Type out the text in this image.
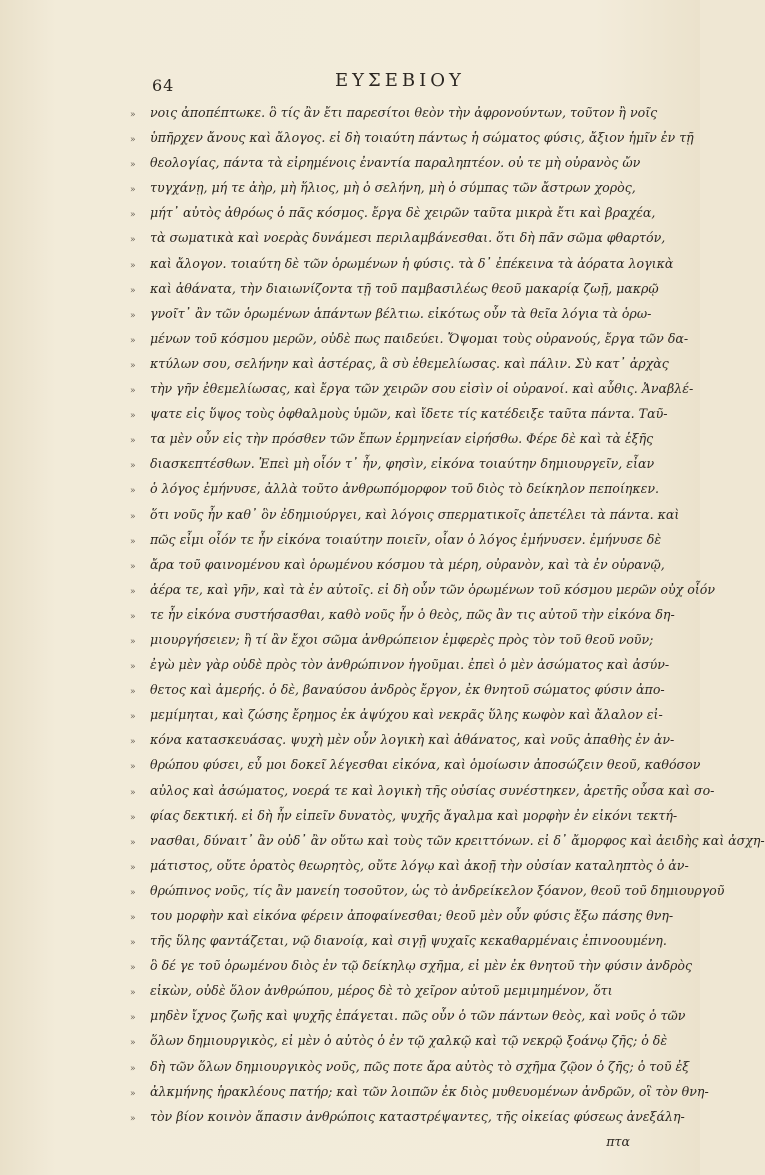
64	ΕΥΣΕΒΙΟΥ
» νοις ἀποπέπτωκε. ὃ τίς ἂν ἔτι παρεσίτοι θεὸν τὴν ἀφρονούντων, τοῦτον ἢ νοῖς
» ὑπῆρχεν ἄνους καὶ ἄλογος. εἰ δὴ τοιαύτη πάντως ἡ σώματος φύσις, ἄξιον ἡμῖν ἐν τῇ
» θεολογίας, πάντα τὰ εἰρημένοις ἐναντία παραληπτέον. οὐ τε μὴ οὐρανὸς ὤν
» τυγχάνῃ, μή τε ἀὴρ, μὴ ἥλιος, μὴ ὁ σελήνη, μὴ ὁ σύμπας τῶν ἄστρων χορὸς,
» μήτ᾽ αὐτὸς ἀθρόως ὁ πᾶς κόσμος. ἔργα δὲ χειρῶν ταῦτα μικρὰ ἔτι καὶ βραχέα,
» τὰ σωματικὰ καὶ νοερὰς δυνάμεσι περιλαμβάνεσθαι. ὅτι δὴ πᾶν σῶμα φθαρτόν,
» καὶ ἄλογον. τοιαύτη δὲ τῶν ὁρωμένων ἡ φύσις. τὰ δ᾽ ἐπέκεινα τὰ ἀόρατα λογικὰ
» καὶ ἀθάνατα, τὴν διαιωνίζοντα τῇ τοῦ παμβασιλέως θεοῦ μακαρίᾳ ζωῇ, μακρῷ
» γνοῖτ᾽ ἂν τῶν ὁρωμένων ἁπάντων βέλτιω. εἰκότως οὖν τὰ θεῖα λόγια τὰ ὁρω-
» μένων τοῦ κόσμου μερῶν, οὐδὲ πως παιδεύει. Ὄψομαι τοὺς οὐρανούς, ἔργα τῶν δα-
» κτύλων σου, σελήνην καὶ ἀστέρας, ἃ σὺ ἐθεμελίωσας. καὶ πάλιν. Σὺ κατ᾽ ἀρχὰς
» τὴν γῆν ἐθεμελίωσας, καὶ ἔργα τῶν χειρῶν σου εἰσὶν οἱ οὐρανοί. καὶ αὖθις. Ἀναβλέ-
» ψατε εἰς ὕψος τοὺς ὀφθαλμοὺς ὑμῶν, καὶ ἴδετε τίς κατέδειξε ταῦτα πάντα. Ταῦ-
» τα μὲν οὖν εἰς τὴν πρόσθεν τῶν ἔπων ἑρμηνείαν εἰρήσθω. Φέρε δὲ καὶ τὰ ἑξῆς
» διασκεπτέσθων. Ἐπεὶ μὴ οἷόν τ᾽ ἦν, φησὶν, εἰκόνα τοιαύτην δημιουργεῖν, εἶαν
» ὁ λόγος ἐμήνυσε, ἀλλὰ τοῦτο ἀνθρωπόμορφον τοῦ διὸς τὸ δείκηλον πεποίηκεν.
» ὅτι νοῦς ἦν καθ᾽ ὃν ἐδημιούργει, καὶ λόγοις σπερματικοῖς ἀπετέλει τὰ πάντα. καὶ
» πῶς εἶμι οἷόν τε ἦν εἰκόνα τοιαύτην ποιεῖν, οἷαν ὁ λόγος ἐμήνυσεν. ἐμήνυσε δὲ
» ἄρα τοῦ φαινομένου καὶ ὁρωμένου κόσμου τὰ μέρη, οὐρανὸν, καὶ τὰ ἐν οὐρανῷ,
» ἀέρα τε, καὶ γῆν, καὶ τὰ ἐν αὐτοῖς. εἰ δὴ οὖν τῶν ὁρωμένων τοῦ κόσμου μερῶν οὐχ οἷόν
» τε ἦν εἰκόνα συστήσασθαι, καθὸ νοῦς ἦν ὁ θεὸς, πῶς ἂν τις αὐτοῦ τὴν εἰκόνα δη-
» μιουργήσειεν; ἢ τί ἂν ἔχοι σῶμα ἀνθρώπειον ἐμφερὲς πρὸς τὸν τοῦ θεοῦ νοῦν;
» ἐγὼ μὲν γὰρ οὐδὲ πρὸς τὸν ἀνθρώπινον ἡγοῦμαι. ἐπεὶ ὁ μὲν ἀσώματος καὶ ἀσύν-
» θετος καὶ ἀμερής. ὁ δὲ, βαναύσου ἀνδρὸς ἔργον, ἐκ θνητοῦ σώματος φύσιν ἀπο-
» μεμίμηται, καὶ ζώσης ἔρημος ἐκ ἀψύχου καὶ νεκρᾶς ὕλης κωφὸν καὶ ἄλαλον εἰ-
» κόνα κατασκευάσας. ψυχὴ μὲν οὖν λογικὴ καὶ ἀθάνατος, καὶ νοῦς ἀπαθὴς ἐν ἀν-
» θρώπου φύσει, εὖ μοι δοκεῖ λέγεσθαι εἰκόνα, καὶ ὁμοίωσιν ἀποσώζειν θεοῦ, καθόσον
» αὐλος καὶ ἀσώματος, νοερά τε καὶ λογικὴ τῆς οὐσίας συνέστηκεν, ἀρετῆς οὖσα καὶ σο-
» φίας δεκτική. εἰ δὴ ἦν εἰπεῖν δυνατὸς, ψυχῆς ἄγαλμα καὶ μορφὴν ἐν εἰκόνι τεκτή-
» νασθαι, δύναιτ᾽ ἂν οὐδ᾽ ἂν οὕτω καὶ τοὺς τῶν κρειττόνων. εἰ δ᾽ ἄμορφος καὶ ἀειδὴς καὶ ἀσχη-
» μάτιστος, οὔτε ὁρατὸς θεωρητὸς, οὔτε λόγῳ καὶ ἀκοῇ τὴν οὐσίαν καταληπτὸς ὁ ἀν-
» θρώπινος νοῦς, τίς ἂν μανείη τοσοῦτον, ὡς τὸ ἀνδρείκελον ξόανον, θεοῦ τοῦ δημιουργοῦ
» του μορφὴν καὶ εἰκόνα φέρειν ἀποφαίνεσθαι; θεοῦ μὲν οὖν φύσις ἔξω πάσης θνη-
» τῆς ὕλης φαντάζεται, νῷ διανοίᾳ, καὶ σιγῇ ψυχαῖς κεκαθαρμέναις ἐπινοουμένη.
» ὃ δέ γε τοῦ ὁρωμένου διὸς ἐν τῷ δείκηλῳ σχῆμα, εἰ μὲν ἐκ θνητοῦ τὴν φύσιν ἀνδρὸς
» εἰκὼν, οὐδὲ ὅλον ἀνθρώπου, μέρος δὲ τὸ χεῖρον αὐτοῦ μεμιμημένον, ὅτι
» μηδὲν ἴχνος ζωῆς καὶ ψυχῆς ἐπάγεται. πῶς οὖν ὁ τῶν πάντων θεὸς, καὶ νοῦς ὁ τῶν
» ὅλων δημιουργικὸς, εἰ μὲν ὁ αὐτὸς ὁ ἐν τῷ χαλκῷ καὶ τῷ νεκρῷ ξοάνῳ ζῆς; ὁ δὲ
» δὴ τῶν ὅλων δημιουργικὸς νοῦς, πῶς ποτε ἄρα αὐτὸς τὸ σχῆμα ζῷον ὁ ζῆς; ὁ τοῦ ἐξ
» ἀλκμήνης ἡρακλέους πατήρ; καὶ τῶν λοιπῶν ἐκ διὸς μυθευομένων ἀνδρῶν, οἳ τὸν θνη-
» τὸν βίον κοινὸν ἅπασιν ἀνθρώποις καταστρέψαντες, τῆς οἰκείας φύσεως ἀνεξάλη-
πτα
